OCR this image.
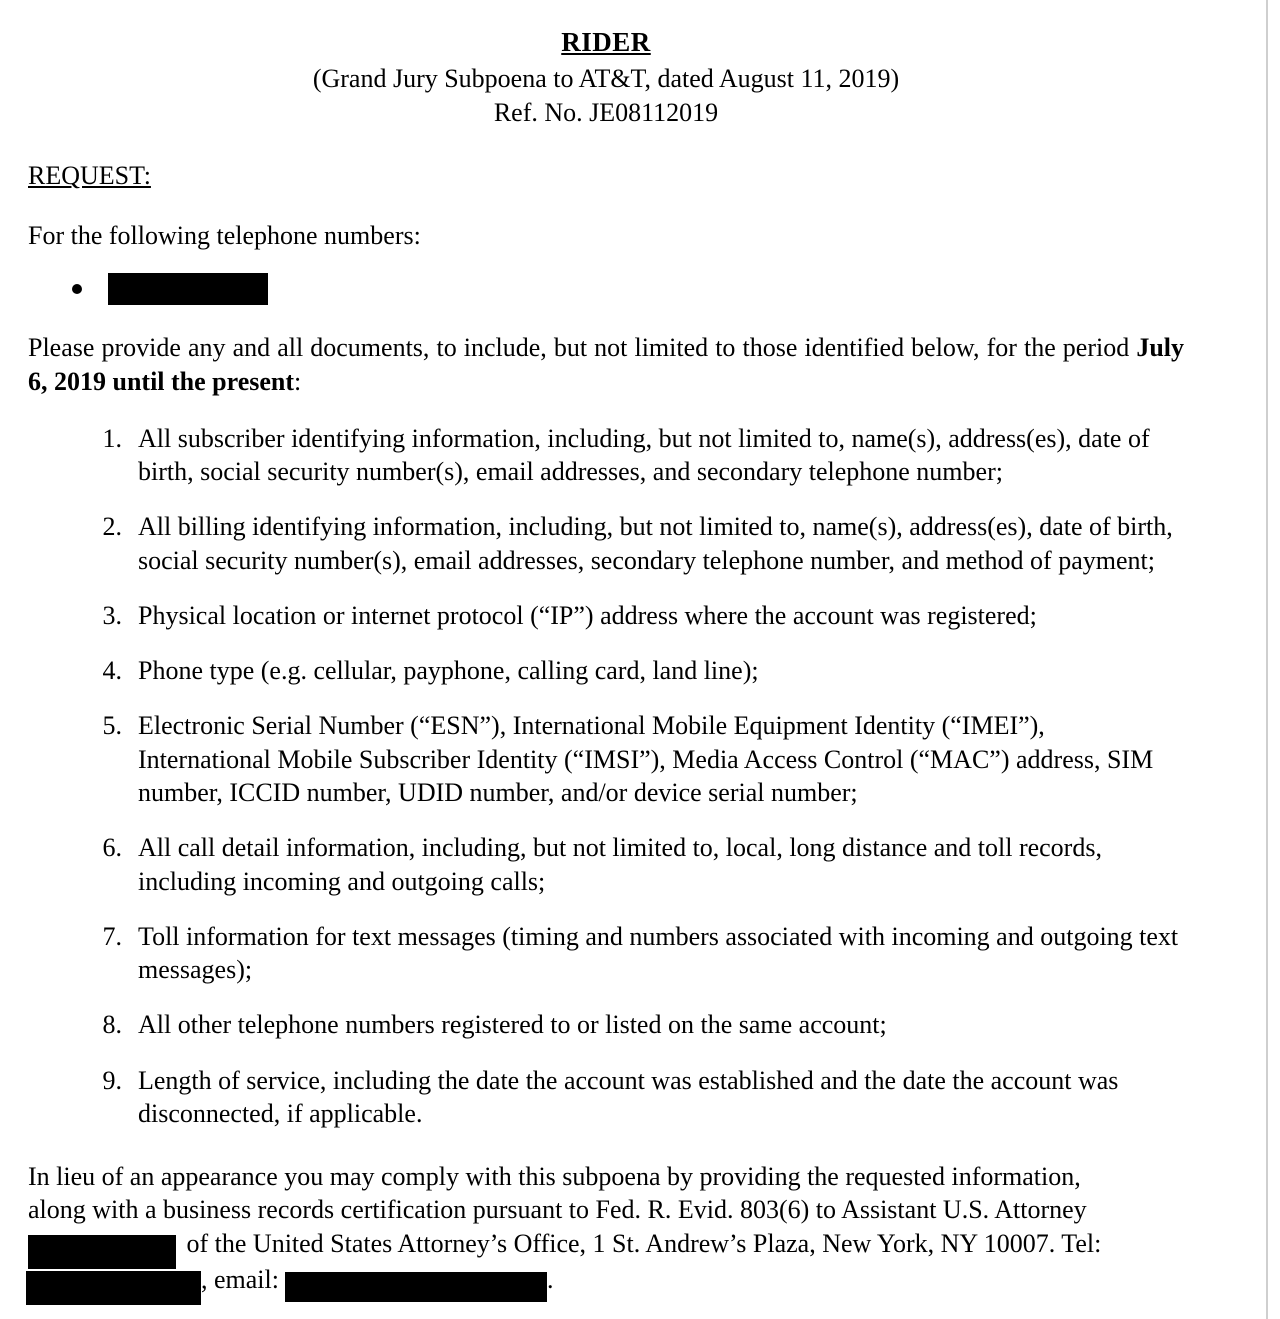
RIDER
(Grand Jury Subpoena to AT&T, dated August 11, 2019)
Ref. No. JE08112019
REQUEST:
For the following telephone numbers:
Please provide any and all documents, to include, but not limited to those identified below, for the period July 6, 2019 until the present:
All subscriber identifying information, including, but not limited to, name(s), address(es), date of birth, social security number(s), email addresses, and secondary telephone number;
All billing identifying information, including, but not limited to, name(s), address(es), date of birth, social security number(s), email addresses, secondary telephone number, and method of payment;
Physical location or internet protocol (“IP”) address where the account was registered;
Phone type (e.g. cellular, payphone, calling card, land line);
Electronic Serial Number (“ESN”), International Mobile Equipment Identity (“IMEI”), International Mobile Subscriber Identity (“IMSI”), Media Access Control (“MAC”) address, SIM number, ICCID number, UDID number, and/or device serial number;
All call detail information, including, but not limited to, local, long distance and toll records, including incoming and outgoing calls;
Toll information for text messages (timing and numbers associated with incoming and outgoing text messages);
All other telephone numbers registered to or listed on the same account;
Length of service, including the date the account was established and the date the account was disconnected, if applicable.
In lieu of an appearance you may comply with this subpoena by providing the requested information,
along with a business records certification pursuant to Fed. R. Evid. 803(6) to Assistant U.S. Attorney
of the United States Attorney’s Office, 1 St. Andrew’s Plaza, New York, NY 10007. Tel:
, email:	.
